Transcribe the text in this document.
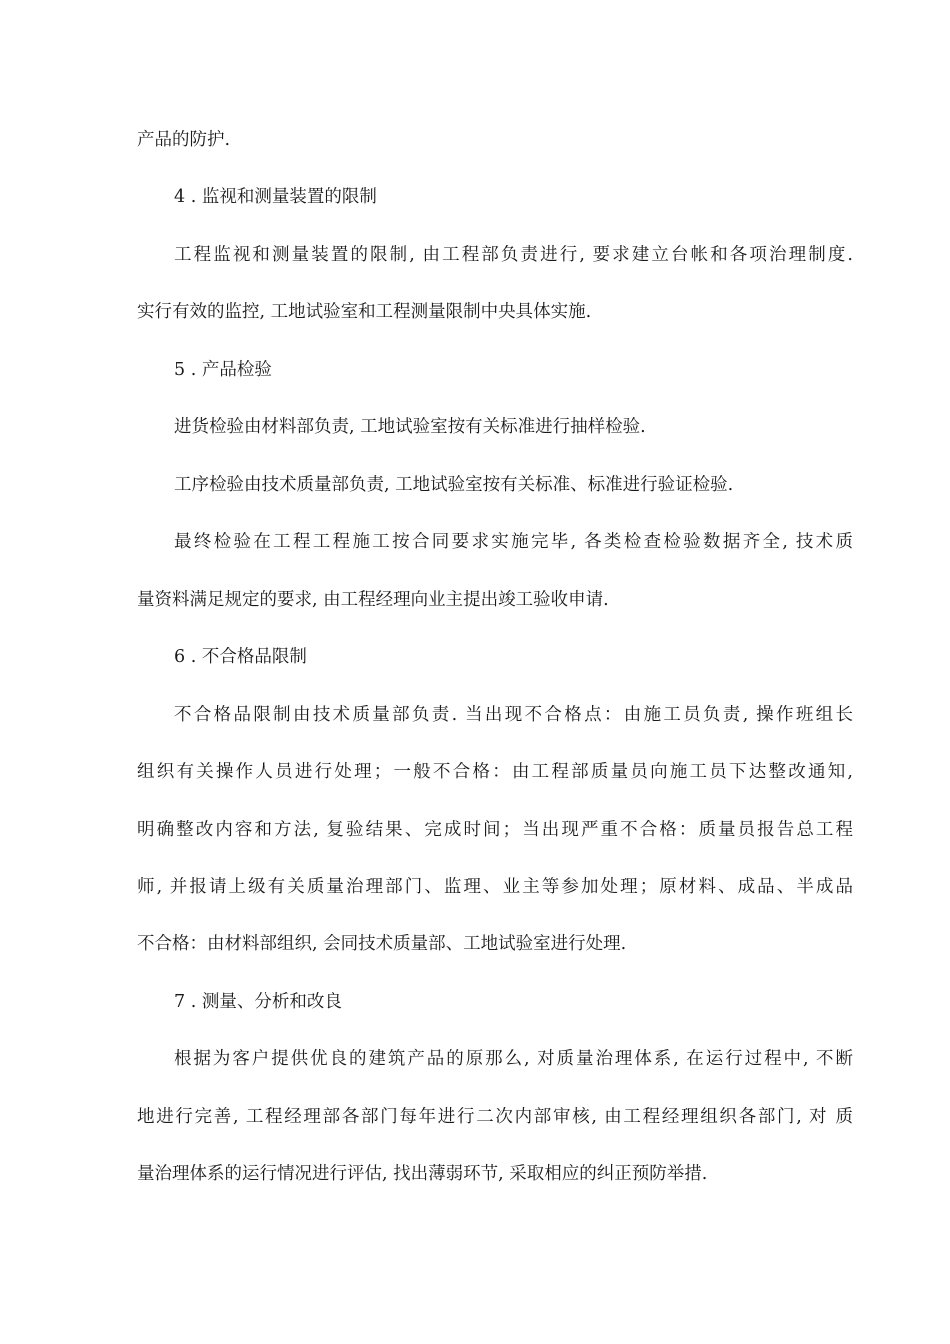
产品的防护.
4 . 监视和测量装置的限制
工程监视和测量装置的限制, 由工程部负责进行, 要求建立台帐和各项治理制度.
实行有效的监控, 工地试验室和工程测量限制中央具体实施.
5 . 产品检验
进货检验由材料部负责, 工地试验室按有关标准进行抽样检验.
工序检验由技术质量部负责, 工地试验室按有关标准、标准进行验证检验.
最终检验在工程工程施工按合同要求实施完毕, 各类检查检验数据齐全, 技术质
量资料满足规定的要求, 由工程经理向业主提出竣工验收申请.
6 . 不合格品限制
不合格品限制由技术质量部负责. 当出现不合格点：由施工员负责, 操作班组长
组织有关操作人员进行处理；一般不合格：由工程部质量员向施工员下达整改通知,
明确整改内容和方法, 复验结果、完成时间；当出现严重不合格：质量员报告总工程
师, 并报请上级有关质量治理部门、监理、业主等参加处理；原材料、成品、半成品
不合格：由材料部组织, 会同技术质量部、工地试验室进行处理.
7 . 测量、分析和改良
根据为客户提供优良的建筑产品的原那么, 对质量治理体系, 在运行过程中, 不断
地进行完善, 工程经理部各部门每年进行二次内部审核, 由工程经理组织各部门, 对 质
量治理体系的运行情况进行评估, 找出薄弱环节, 采取相应的纠正预防举措.
